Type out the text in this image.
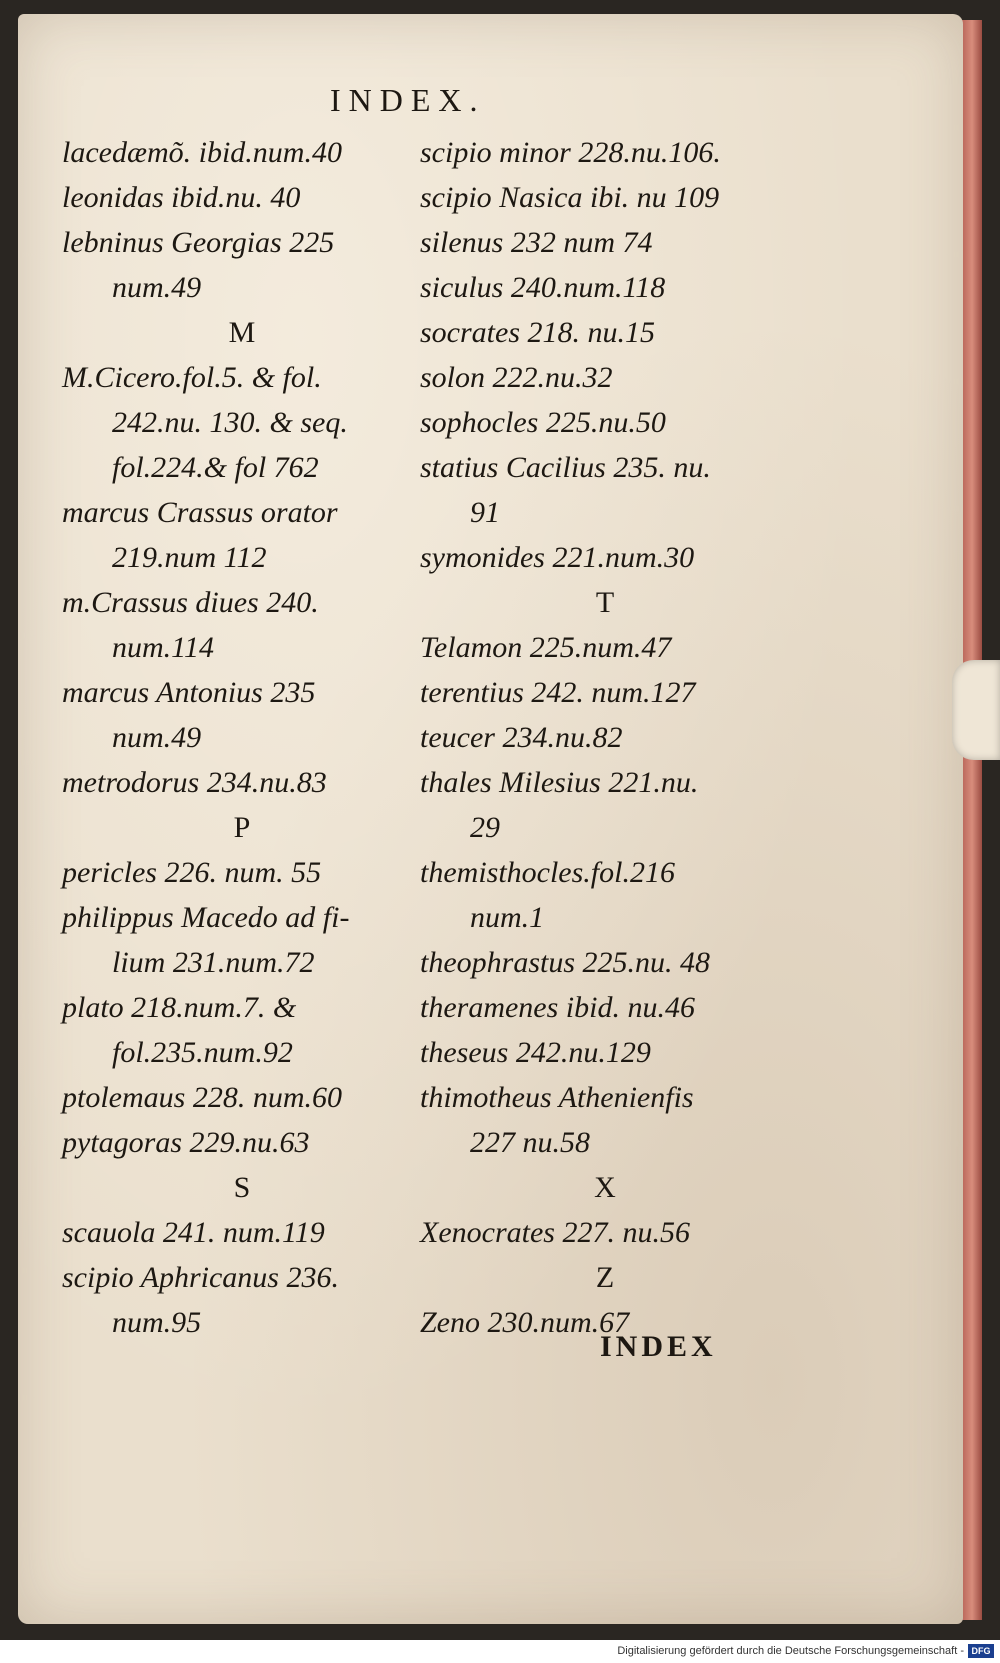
INDEX.
lacedæmõ. ibid.num.40
leonidas ibid.nu. 40
lebninus Georgias 225
num.49
M
M.Cicero.fol.5. & fol.
242.nu. 130. & seq.
fol.224.& fol 762
marcus Crassus orator
219.num 112
m.Crassus diues 240.
num.114
marcus Antonius 235
num.49
metrodorus 234.nu.83
P
pericles 226. num. 55
philippus Macedo ad fi-
lium 231.num.72
plato 218.num.7. &
fol.235.num.92
ptolemaus 228. num.60
pytagoras 229.nu.63
S
scauola 241. num.119
scipio Aphricanus 236.
num.95
scipio minor 228.nu.106.
scipio Nasica ibi. nu 109
silenus 232 num 74
siculus 240.num.118
socrates 218. nu.15
solon 222.nu.32
sophocles 225.nu.50
statius Cacilius 235. nu.
91
symonides 221.num.30
T
Telamon 225.num.47
terentius 242. num.127
teucer 234.nu.82
thales Milesius 221.nu.
29
themisthocles.fol.216
num.1
theophrastus 225.nu. 48
theramenes ibid. nu.46
theseus 242.nu.129
thimotheus Athenienfis
227 nu.58
X
Xenocrates 227. nu.56
Z
Zeno 230.num.67
INDEX
Digitalisierung gefördert durch die Deutsche Forschungsgemeinschaft - DFG
